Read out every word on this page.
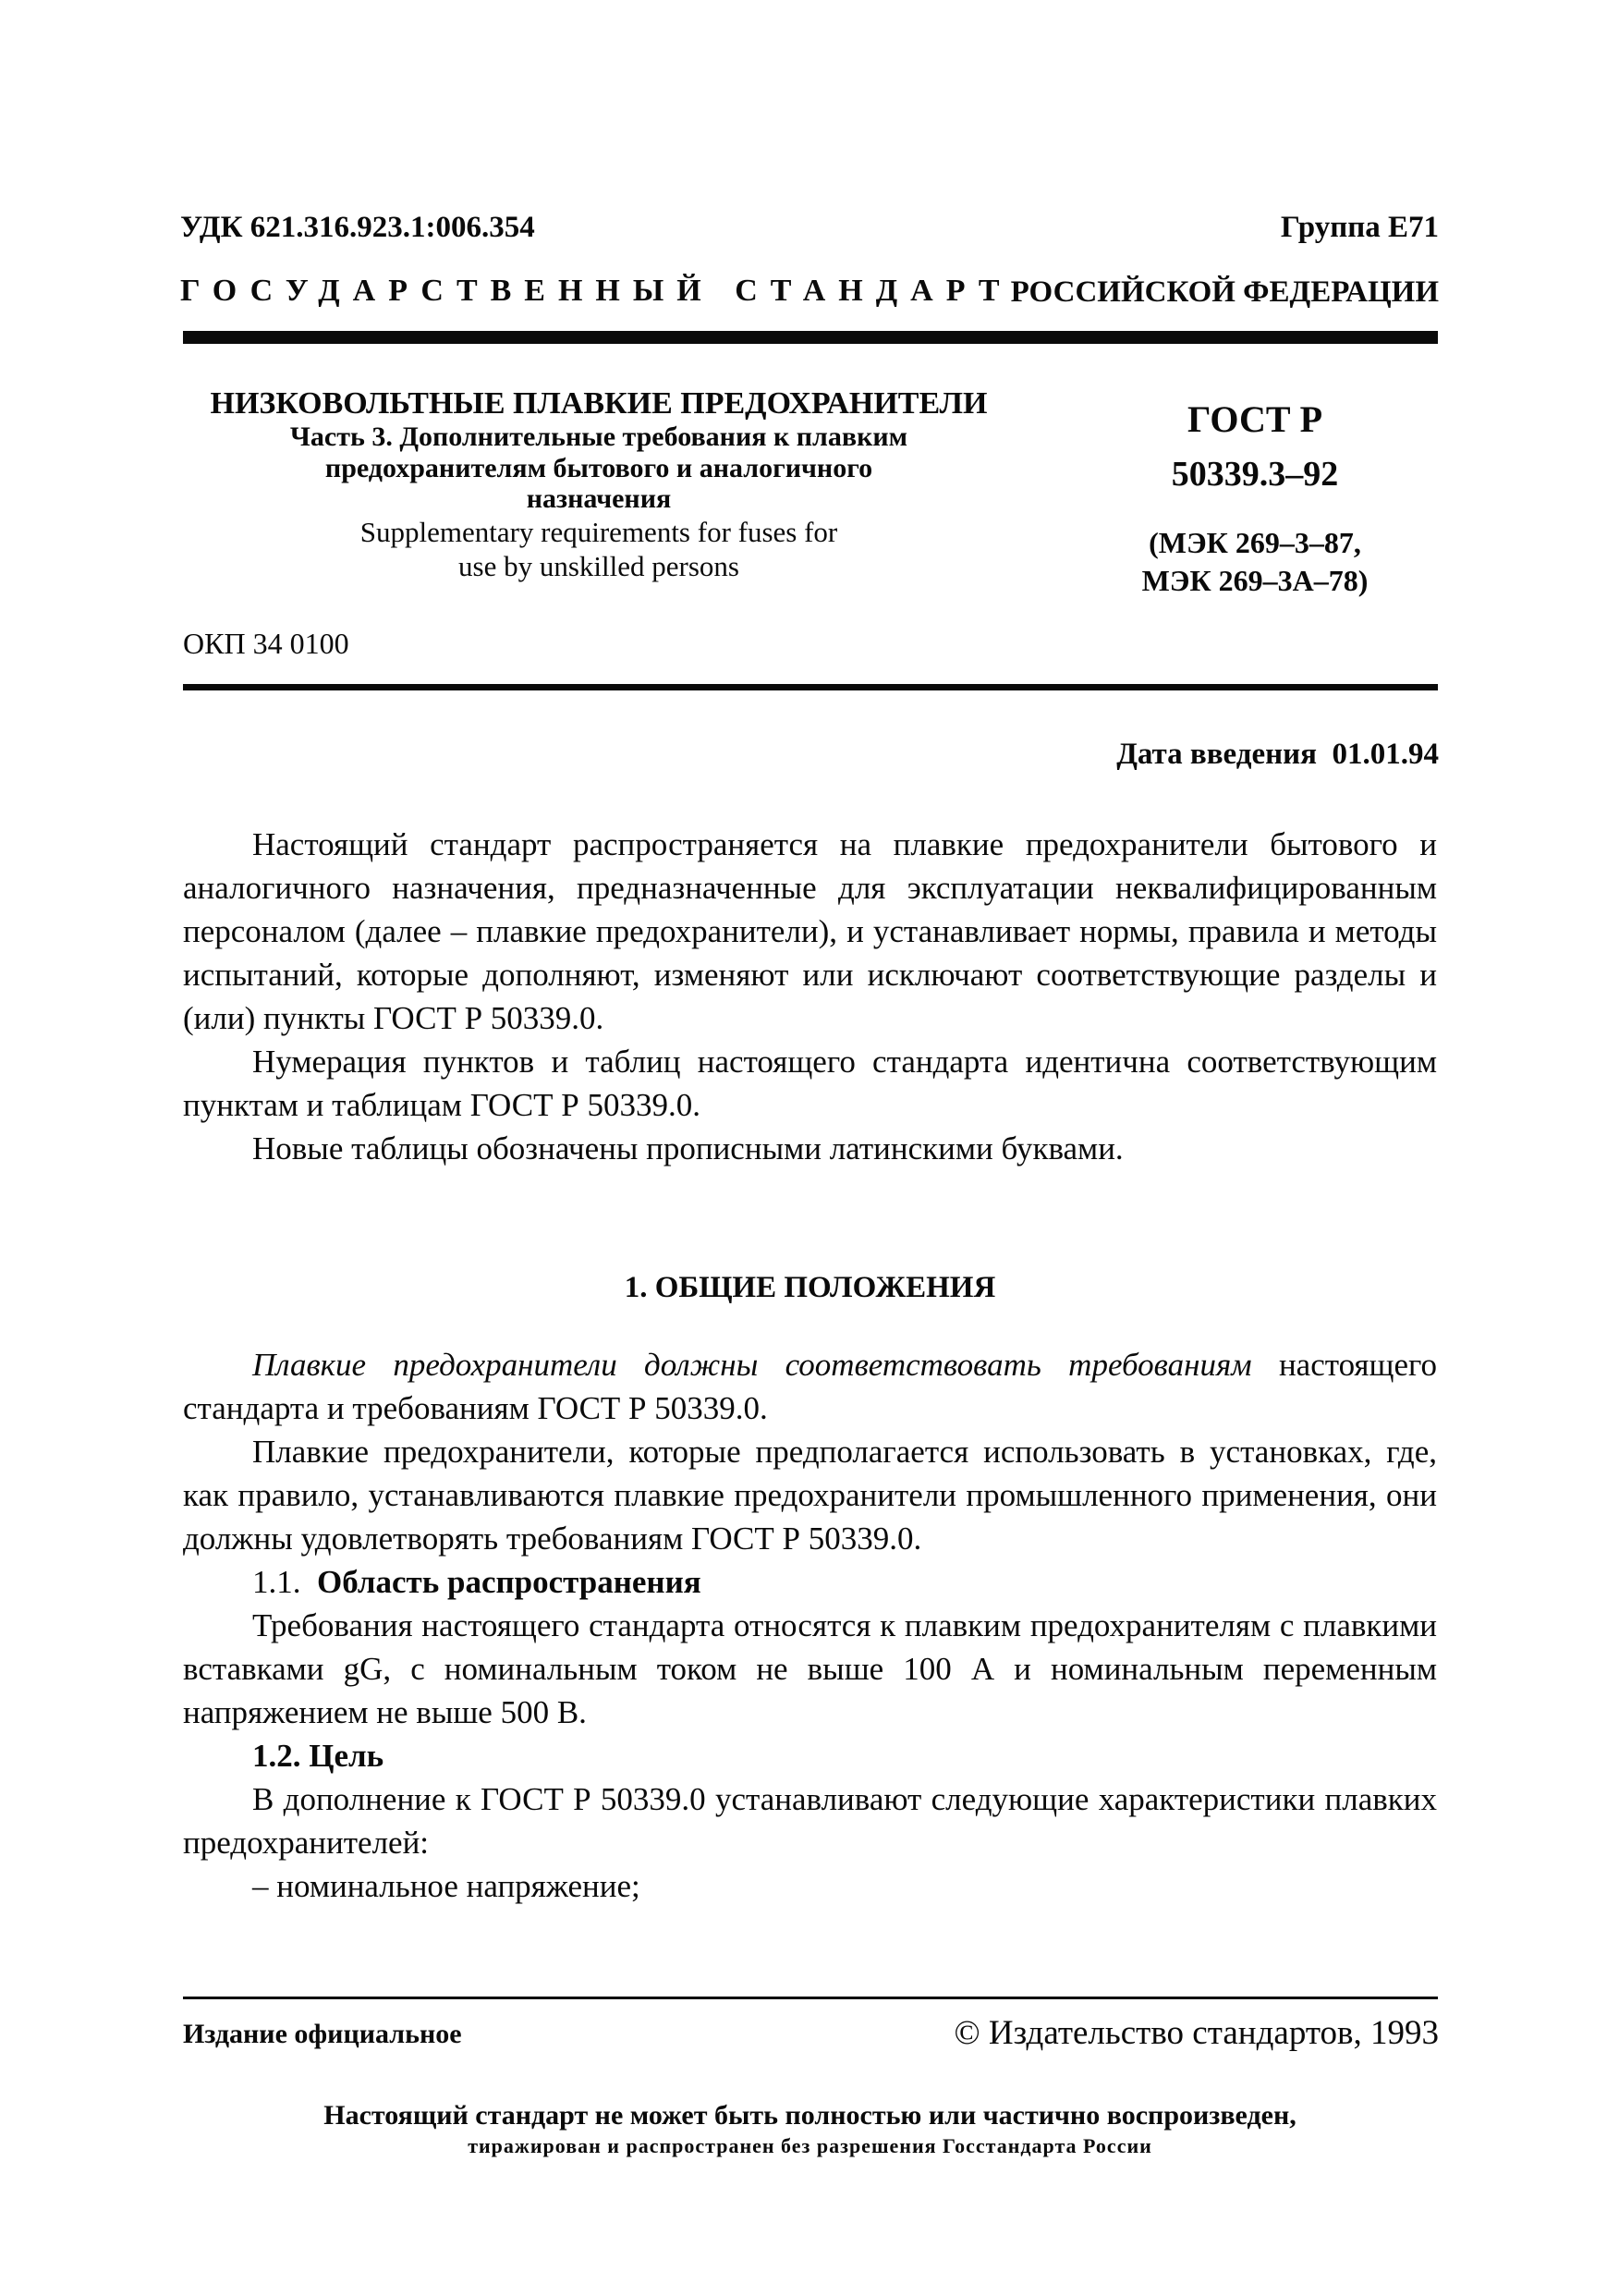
УДК 621.316.923.1:006.354	Группа Е71
ГОСУДАРСТВЕННЫЙ СТАНДАРТ
РОССИЙСКОЙ ФЕДЕРАЦИИ
НИЗКОВОЛЬТНЫЕ ПЛАВКИЕ ПРЕДОХРАНИТЕЛИ
Часть 3. Дополнительные требования к плавким
предохранителям бытового и аналогичного
назначения
Supplementary requirements for fuses for
use by unskilled persons
ГОСТ Р
50339.3–92
(МЭК 269–3–87,
МЭК 269–3А–78)
ОКП 34 0100
Дата введения 01.01.94

Настоящий стандарт распространяется на плавкие предохранители бытового и аналогичного назначения, предназначенные для эксплуатации неквалифицированным персоналом (далее – плавкие предохранители), и устанавливает нормы, правила и методы испытаний, которые дополняют, изменяют или исключают соответствующие разделы и (или) пункты ГОСТ Р 50339.0.

Нумерация пунктов и таблиц настоящего стандарта идентична соответствующим пунктам и таблицам ГОСТ Р 50339.0.

Новые таблицы обозначены прописными латинскими буквами.

1. ОБЩИЕ ПОЛОЖЕНИЯ

Плавкие предохранители должны соответствовать требованиям настоящего стандарта и требованиям ГОСТ Р 50339.0.

Плавкие предохранители, которые предполагается использовать в установках, где, как правило, устанавливаются плавкие предохранители промышленного применения, они должны удовлетворять требованиям ГОСТ Р 50339.0.

1.1. Область распространения

Требования настоящего стандарта относятся к плавким предохранителям с плавкими вставками gG, с номинальным током не выше 100 А и номинальным переменным напряжением не выше 500 В.

1.2. Цель

В дополнение к ГОСТ Р 50339.0 устанавливают следующие характеристики плавких предохранителей:

– номинальное напряжение;

Издание официальное	© Издательство стандартов, 1993
Настоящий стандарт не может быть полностью или частично воспроизведен,
тиражирован и распространен без разрешения Госстандарта России
